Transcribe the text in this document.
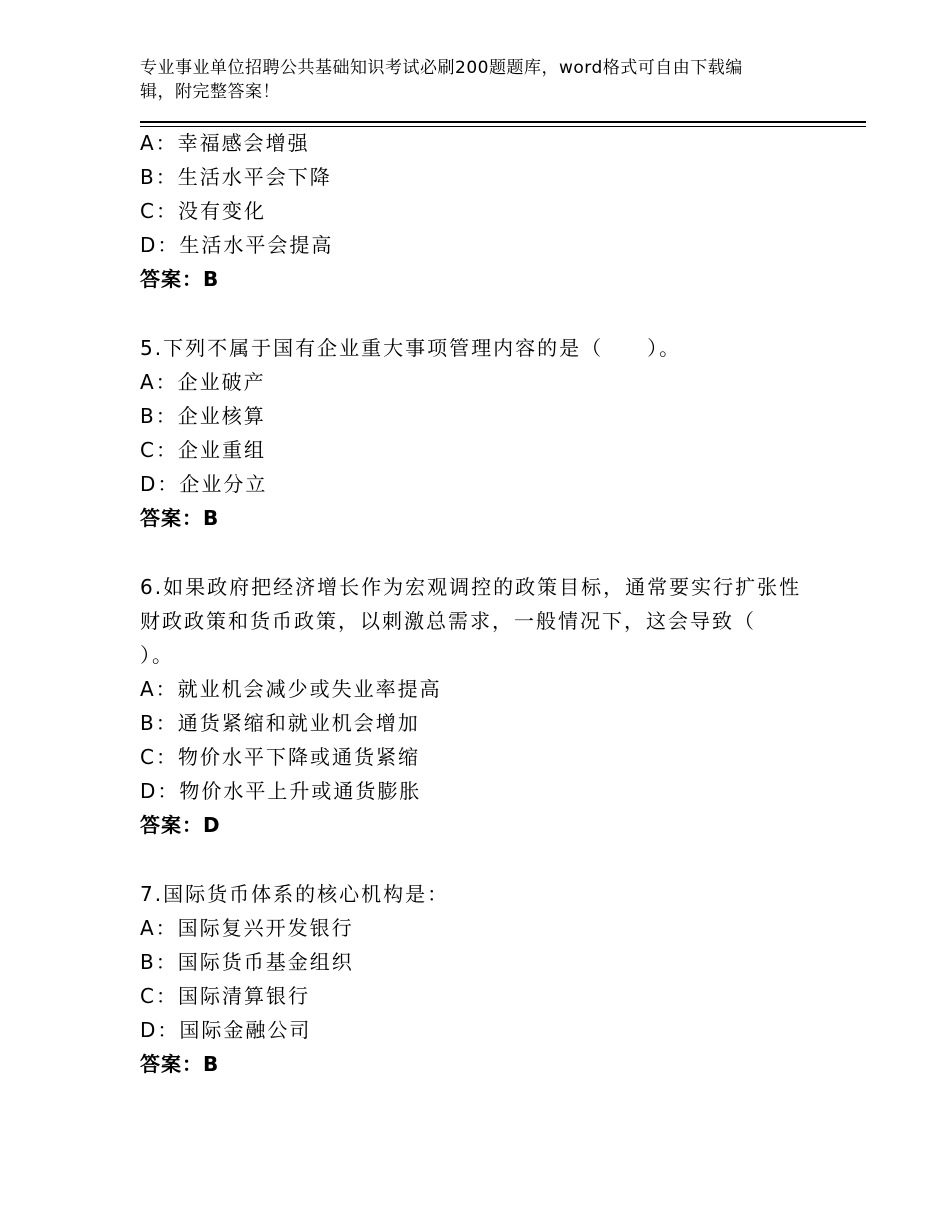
专业事业单位招聘公共基础知识考试必刷200题题库，word格式可自由下载编
辑，附完整答案！
A：幸福感会增强
B：生活水平会下降
C：没有变化
D：生活水平会提高
答案：B
5.下列不属于国有企业重大事项管理内容的是（　　）。
A：企业破产
B：企业核算
C：企业重组
D：企业分立
答案：B
6.如果政府把经济增长作为宏观调控的政策目标，通常要实行扩张性
财政政策和货币政策，以刺激总需求，一般情况下，这会导致（
）。
A：就业机会减少或失业率提高
B：通货紧缩和就业机会增加
C：物价水平下降或通货紧缩
D：物价水平上升或通货膨胀
答案：D
7.国际货币体系的核心机构是：
A：国际复兴开发银行
B：国际货币基金组织
C：国际清算银行
D：国际金融公司
答案：B
